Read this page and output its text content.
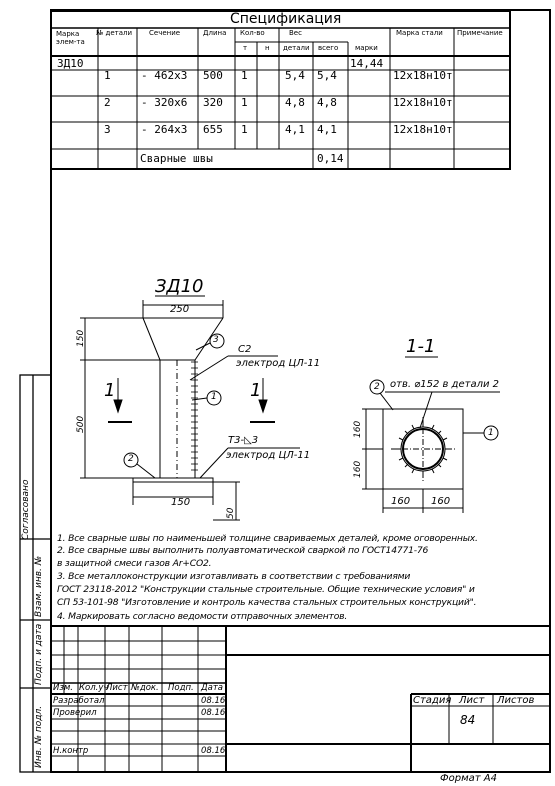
Спецификация
Марка
элем-та
№ детали Сечение	Длина Кол-во
т	н
Вес
детали всего марки
Марка стали Примечание
ЗД10	14,44
1	- 462х3 500 1	5,4 5,4	12х18н10т
2	- 320х6 320 1	4,8 4,8	12х18н10т
3	- 264х3 655 1	4,1 4,1	12х18н10т
Сварные швы	0,14
ЗД10
250
150
500
150
50
3
1
2
C2
электрод ЦЛ-11
Т3-◺3
электрод ЦЛ-11
1	1
1-1
отв. ⌀152 в детали 2
2
1
160
160
160 160
1. Все сварные швы по наименьшей толщине свариваемых деталей, кроме оговоренных.
2. Все сварные швы выполнить полуавтоматической сваркой по ГОСТ14771-76
в защитной смеси газов Ar+CO2.
3. Все металлоконструкции изготавливать в соответствии с требованиями
ГОСТ 23118-2012 "Конструкции стальные строительные. Общие технические условия" и
СП 53-101-98 "Изготовление и контроль качества стальных строительных конструкций".
4. Маркировать согласно ведомости отправочных элементов.
Согласовано
Взам. инв. №
Подп. и дата
Инв. № подл.
Изм. Кол.уч
Лист №док. Подп. Дата
Разработал	08.16
Проверил	08.16
Н.контр	08.16
Стадия Лист Листов
84
Формат А4
